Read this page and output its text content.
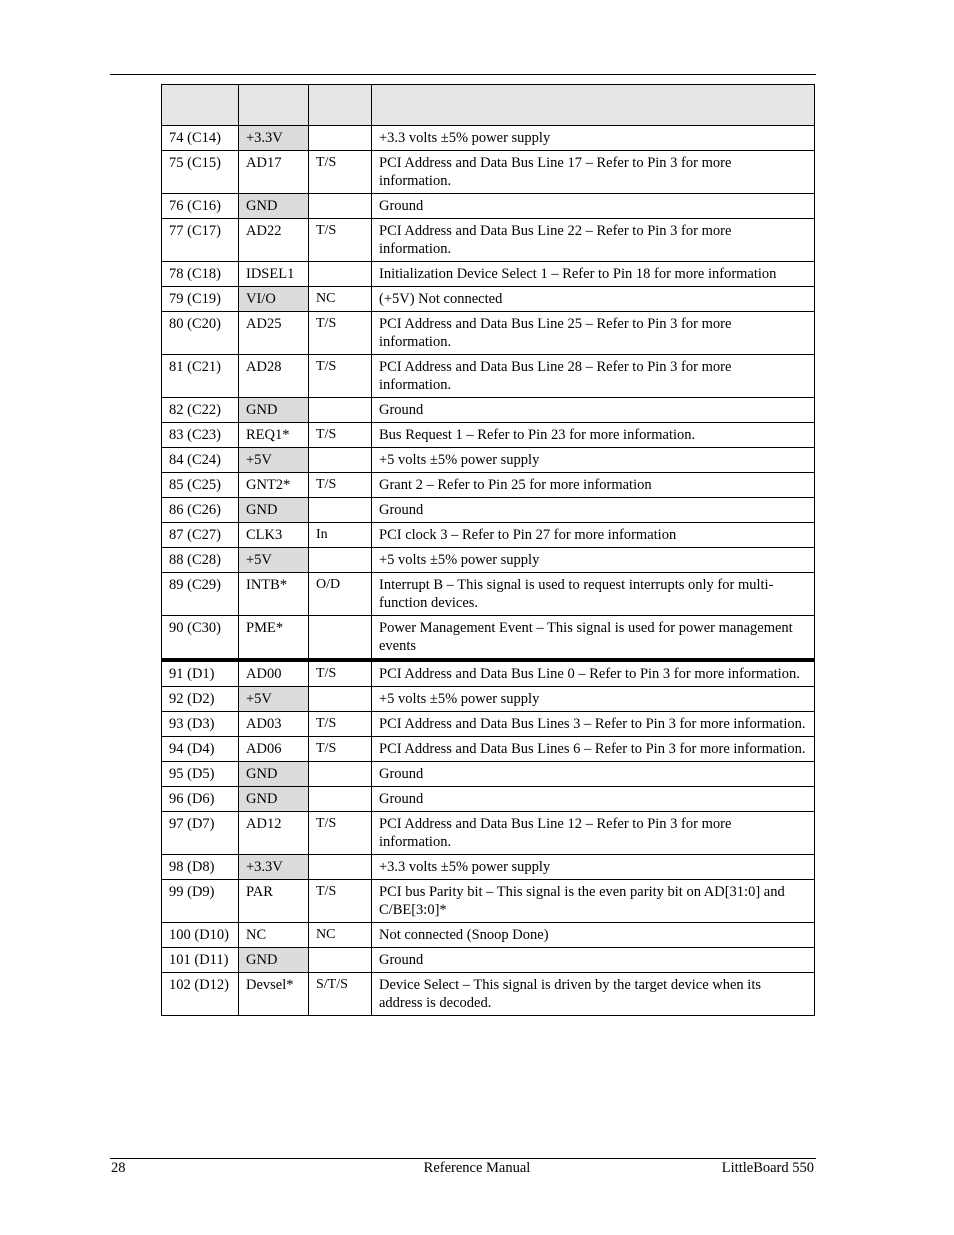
74 (C14)	+3.3V		+3.3 volts ±5% power supply
75 (C15)	AD17	T/S	PCI Address and Data Bus Line 17 – Refer to Pin 3 for more information.
76 (C16)	GND		Ground
77 (C17)	AD22	T/S	PCI Address and Data Bus Line 22 – Refer to Pin 3 for more information.
78 (C18)	IDSEL1		Initialization Device Select 1 – Refer to Pin 18 for more information
79 (C19)	VI/O	NC	(+5V) Not connected
80 (C20)	AD25	T/S	PCI Address and Data Bus Line 25 – Refer to Pin 3 for more information.
81 (C21)	AD28	T/S	PCI Address and Data Bus Line 28 – Refer to Pin 3 for more information.
82 (C22)	GND		Ground
83 (C23)	REQ1*	T/S	Bus Request 1 – Refer to Pin 23 for more information.
84 (C24)	+5V		+5 volts ±5% power supply
85 (C25)	GNT2*	T/S	Grant 2 – Refer to Pin 25 for more information
86 (C26)	GND		Ground
87 (C27)	CLK3	In	PCI clock 3 – Refer to Pin 27 for more information
88 (C28)	+5V		+5 volts ±5% power supply
89 (C29)	INTB*	O/D	Interrupt B – This signal is used to request interrupts only for multi-function devices.
90 (C30)	PME*		Power Management Event – This signal is used for power management events
91 (D1)	AD00	T/S	PCI Address and Data Bus Line 0 – Refer to Pin 3 for more information.
92 (D2)	+5V		+5 volts ±5% power supply
93 (D3)	AD03	T/S	PCI Address and Data Bus Lines 3 – Refer to Pin 3 for more information.
94 (D4)	AD06	T/S	PCI Address and Data Bus Lines 6 – Refer to Pin 3 for more information.
95 (D5)	GND		Ground
96 (D6)	GND		Ground
97 (D7)	AD12	T/S	PCI Address and Data Bus Line 12 – Refer to Pin 3 for more information.
98 (D8)	+3.3V		+3.3 volts ±5% power supply
99 (D9)	PAR	T/S	PCI bus Parity bit – This signal is the even parity bit on AD[31:0] and C/BE[3:0]*
100 (D10)	NC	NC	Not connected (Snoop Done)
101 (D11)	GND		Ground
102 (D12)	Devsel*	S/T/S	Device Select – This signal is driven by the target device when its address is decoded.
28	Reference Manual	LittleBoard 550
